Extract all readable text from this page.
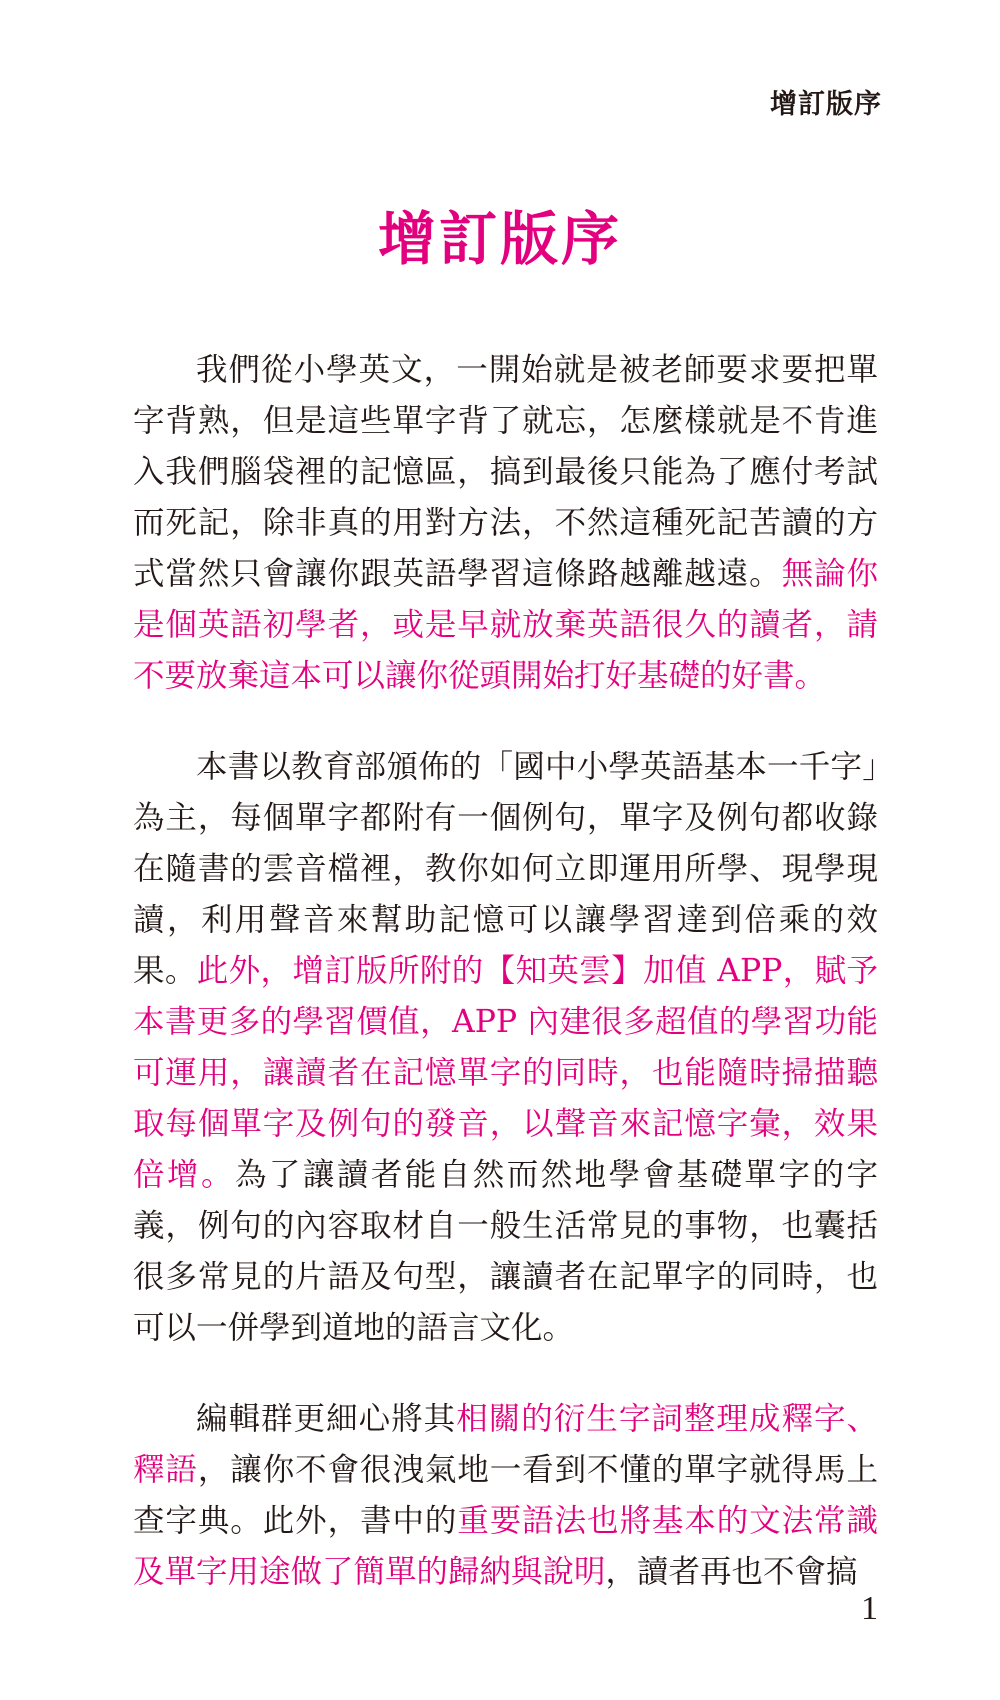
增訂版序
增訂版序

我們從小學英文，一開始就是被老師要求要把單字背熟，但是這些單字背了就忘，怎麼樣就是不肯進入我們腦袋裡的記憶區，搞到最後只能為了應付考試而死記，除非真的用對方法，不然這種死記苦讀的方式當然只會讓你跟英語學習這條路越離越遠。無論你是個英語初學者，或是早就放棄英語很久的讀者，請不要放棄這本可以讓你從頭開始打好基礎的好書。

本書以教育部頒佈的「國中小學英語基本一千字」為主，每個單字都附有一個例句，單字及例句都收錄在隨書的雲音檔裡，教你如何立即運用所學、現學現讀，利用聲音來幫助記憶可以讓學習達到倍乘的效果。此外，增訂版所附的【知英雲】加值 APP，賦予本書更多的學習價值，APP 內建很多超值的學習功能可運用，讓讀者在記憶單字的同時，也能隨時掃描聽取每個單字及例句的發音，以聲音來記憶字彙，效果倍增。為了讓讀者能自然而然地學會基礎單字的字義，例句的內容取材自一般生活常見的事物，也囊括很多常見的片語及句型，讓讀者在記單字的同時，也可以一併學到道地的語言文化。

編輯群更細心將其相關的衍生字詞整理成釋字、釋語，讓你不會很洩氣地一看到不懂的單字就得馬上查字典。此外，書中的重要語法也將基本的文法常識及單字用途做了簡單的歸納與說明，讀者再也不會搞

1
